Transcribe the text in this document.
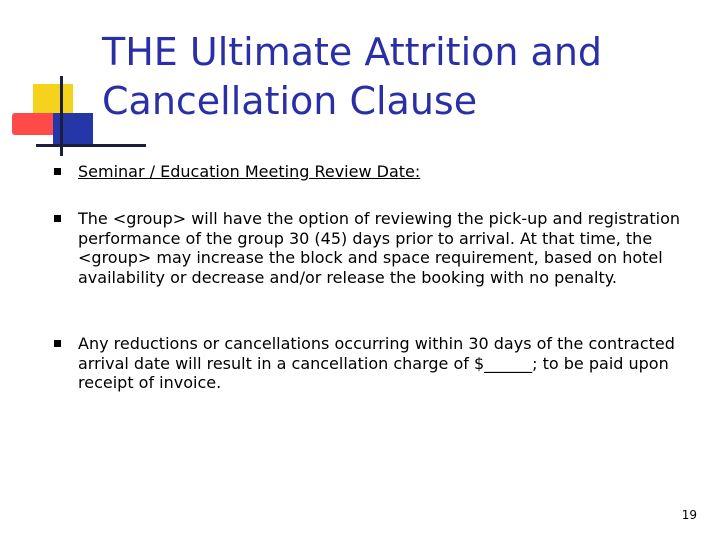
THE Ultimate Attrition and
Cancellation Clause
Seminar / Education Meeting Review Date:
The <group> will have the option of reviewing the pick-up and registration performance of the group 30 (45) days prior to arrival. At that time, the <group> may increase the block and space requirement, based on hotel availability or decrease and/or release the booking with no penalty.
Any reductions or cancellations occurring within 30 days of the contracted arrival date will result in a cancellation charge of $______; to be paid upon receipt of invoice.
19
